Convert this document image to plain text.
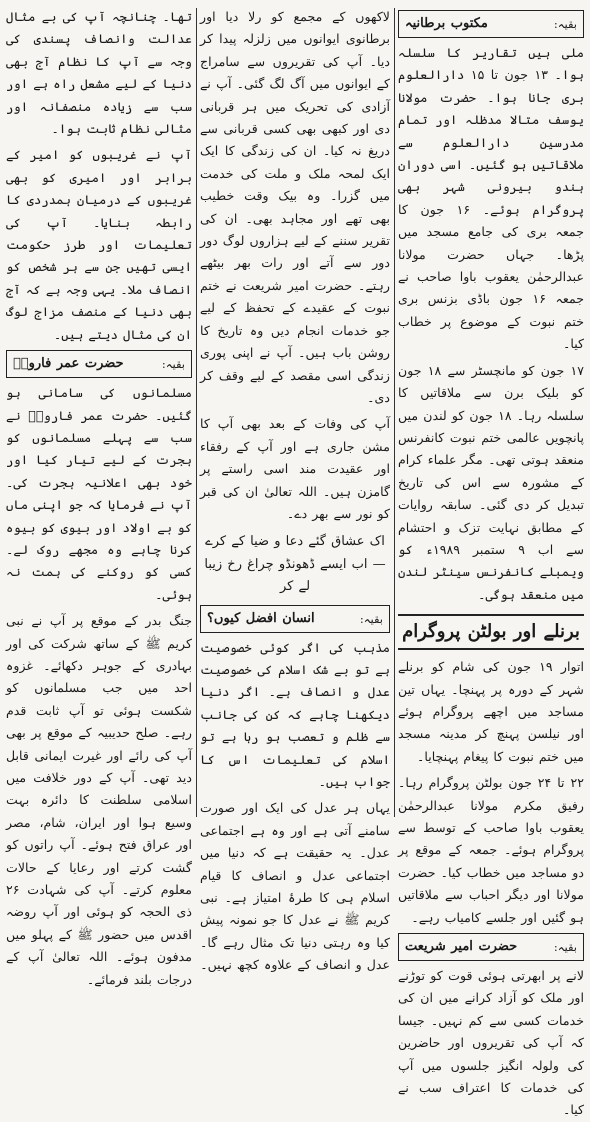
بقیہ:
مکتوب برطانیہ

ملی ہیں تقاریر کا سلسلہ ہوا۔ ۱۳ جون تا ۱۵ دارالعلوم بری جانا ہوا۔ حضرت مولانا یوسف متالا مدظلہ اور تمام مدرسین دارالعلوم سے ملاقاتیں ہو گئیں۔ اسی دوران ہندو بیرونی شہر بھی پروگرام ہوئے۔ ۱۶ جون کا جمعہ بری کی جامع مسجد میں پڑھا۔ جہاں حضرت مولانا عبدالرحمٰن یعقوب باوا صاحب نے جمعہ ۱۶ جون باڈی بزنس بری ختم نبوت کے موضوع پر خطاب کیا۔

۱۷ جون کو مانچسٹر سے ۱۸ جون کو بلیک برن سے ملاقاتیں کا سلسلہ رہا۔ ۱۸ جون کو لندن میں پانچویں عالمی ختم نبوت کانفرنس منعقد ہوتی تھی۔ مگر علماء کرام کے مشورہ سے اس کی تاریخ تبدیل کر دی گئی۔ سابقہ روایات کے مطابق نہایت تزک و احتشام سے اب ۹ ستمبر ۱۹۸۹ء کو ویمبلے کانفرنس سینٹر لندن میں منعقد ہوگی۔

برنلے اور بولٹن پروگرام

اتوار ۱۹ جون کی شام کو برنلے شہر کے دورہ پر پہنچا۔ یہاں تین مساجد میں اچھے پروگرام ہوئے اور نیلسن پہنچ کر مدینہ مسجد میں ختم نبوت کا پیغام پہنچایا۔

۲۲ تا ۲۴ جون بولٹن پروگرام رہا۔ رفیق مکرم مولانا عبدالرحمٰن یعقوب باوا صاحب کے توسط سے پروگرام ہوئے۔ جمعہ کے موقع پر دو مساجد میں خطاب کیا۔ حضرت مولانا اور دیگر احباب سے ملاقاتیں ہو گئیں اور جلسے کامیاب رہے۔

بقیہ:
حضرت امیر شریعت

لانے پر ابھرتی ہوئی قوت کو توڑنے اور ملک کو آزاد کرانے میں ان کی خدمات کسی سے کم نہیں۔ جیسا کہ آپ کی تقریروں اور حاضرین کی ولولہ انگیز جلسوں میں آپ کی خدمات کا اعتراف سب نے کیا۔

لاکھوں کے مجمع کو رلا دیا اور برطانوی ایوانوں میں زلزلہ پیدا کر دیا۔ آپ کی تقریروں سے سامراج کے ایوانوں میں آگ لگ گئی۔ آپ نے آزادی کی تحریک میں ہر قربانی دی اور کبھی بھی کسی قربانی سے دریغ نہ کیا۔ ان کی زندگی کا ایک ایک لمحہ ملک و ملت کی خدمت میں گزرا۔ وہ بیک وقت خطیب بھی تھے اور مجاہد بھی۔ ان کی تقریر سننے کے لیے ہزاروں لوگ دور دور سے آتے اور رات بھر بیٹھے رہتے۔ حضرت امیر شریعت نے ختم نبوت کے عقیدے کے تحفظ کے لیے جو خدمات انجام دیں وہ تاریخ کا روشن باب ہیں۔ آپ نے اپنی پوری زندگی اسی مقصد کے لیے وقف کر دی۔

آپ کی وفات کے بعد بھی آپ کا مشن جاری ہے اور آپ کے رفقاء اور عقیدت مند اسی راستے پر گامزن ہیں۔ اللہ تعالیٰ ان کی قبر کو نور سے بھر دے۔

اک عشاق گئے دعا و ضیا کے کرے — اب ایسے ڈھونڈو چراغ رخ زیبا لے کر
بقیہ:
انسان افضل کیوں؟

مذہب کی اگر کوئی خصوصیت ہے تو بے شک اسلام کی خصوصیت عدل و انصاف ہے۔ اگر دنیا دیکھنا چاہے کہ کن کی جانب سے ظلم و تعصب ہو رہا ہے تو اسلام کی تعلیمات اس کا جواب ہیں۔

یہاں ہر عدل کی ایک اور صورت سامنے آتی ہے اور وہ ہے اجتماعی عدل۔ یہ حقیقت ہے کہ دنیا میں اجتماعی عدل و انصاف کا قیام اسلام ہی کا طرۂ امتیاز ہے۔ نبی کریم ﷺ نے عدل کا جو نمونہ پیش کیا وہ رہتی دنیا تک مثال رہے گا۔ عدل و انصاف کے علاوہ کچھ نہیں۔

تھا۔ چنانچہ آپ کی بے مثال عدالت وانصاف پسندی کی وجہ سے آپ کا نظام آج بھی دنیا کے لیے مشعل راہ ہے اور سب سے زیادہ منصفانہ اور مثالی نظام ثابت ہوا۔

آپ نے غریبوں کو امیر کے برابر اور امیری کو بھی غریبوں کے درمیان ہمدردی کا رابطہ بنایا۔ آپ کی تعلیمات اور طرز حکومت ایسی تھیں جن سے ہر شخص کو انصاف ملا۔ یہی وجہ ہے کہ آج بھی دنیا کے منصف مزاج لوگ ان کی مثال دیتے ہیں۔

بقیہ:
حضرت عمر فاروقؓ

مسلمانوں کی سامانی ہو گئیں۔ حضرت عمر فاروقؓ نے سب سے پہلے مسلمانوں کو ہجرت کے لیے تیار کیا اور خود بھی اعلانیہ ہجرت کی۔ آپ نے فرمایا کہ جو اپنی ماں کو بے اولاد اور بیوی کو بیوہ کرنا چاہے وہ مجھے روک لے۔ کسی کو روکنے کی ہمت نہ ہوئی۔

جنگ بدر کے موقع پر آپ نے نبی کریم ﷺ کے ساتھ شرکت کی اور بہادری کے جوہر دکھائے۔ غزوہ احد میں جب مسلمانوں کو شکست ہوئی تو آپ ثابت قدم رہے۔ صلح حدیبیہ کے موقع پر بھی آپ کی رائے اور غیرت ایمانی قابل دید تھی۔ آپ کے دور خلافت میں اسلامی سلطنت کا دائرہ بہت وسیع ہوا اور ایران، شام، مصر اور عراق فتح ہوئے۔ آپ راتوں کو گشت کرتے اور رعایا کے حالات معلوم کرتے۔ آپ کی شہادت ۲۶ ذی الحجہ کو ہوئی اور آپ روضہ اقدس میں حضور ﷺ کے پہلو میں مدفون ہوئے۔ اللہ تعالیٰ آپ کے درجات بلند فرمائے۔
